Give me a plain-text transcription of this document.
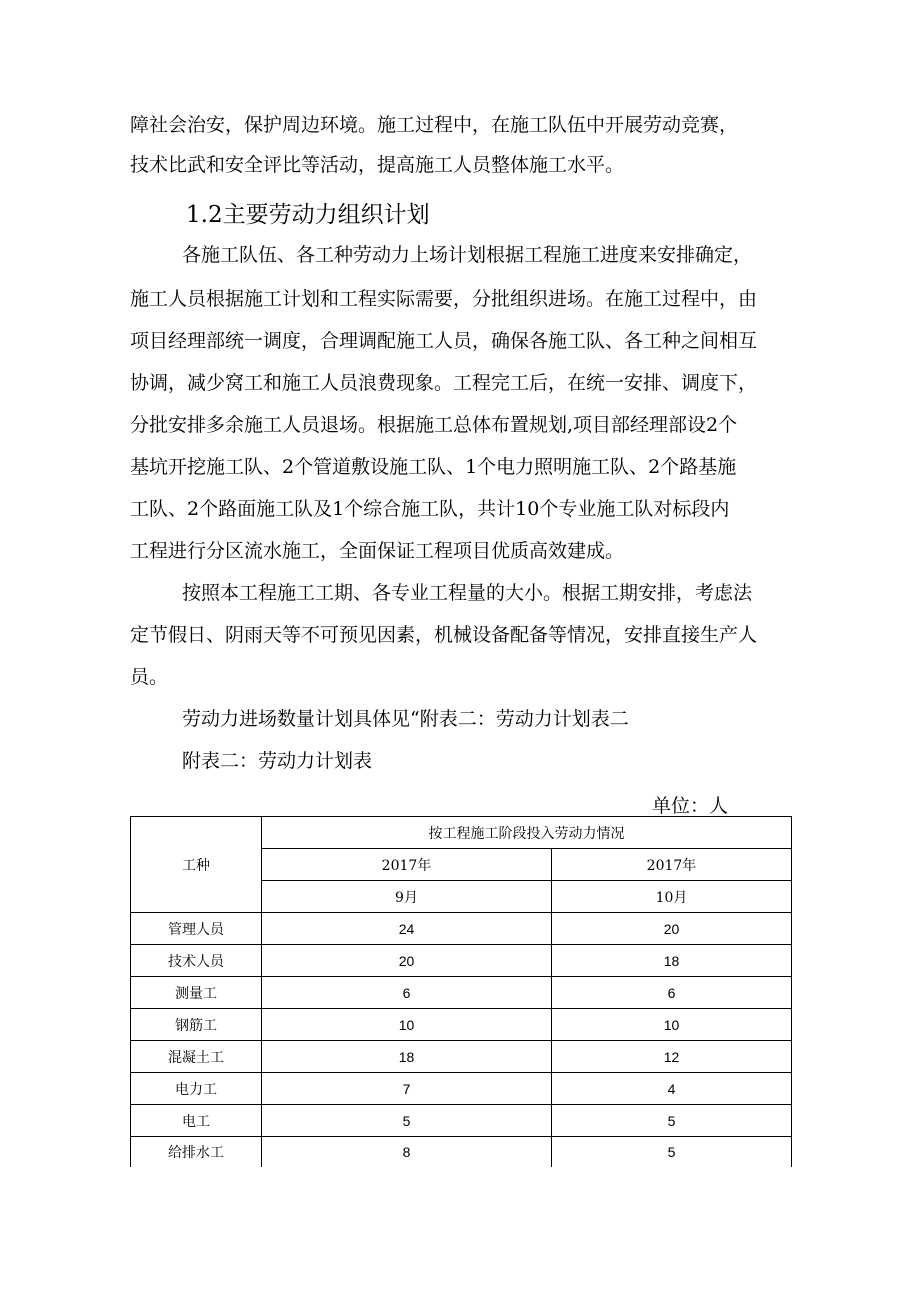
障社会治安，保护周边环境。施工过程中，在施工队伍中开展劳动竞赛，
技术比武和安全评比等活动，提高施工人员整体施工水平。
1.2主要劳动力组织计划
各施工队伍、各工种劳动力上场计划根据工程施工进度来安排确定，
施工人员根据施工计划和工程实际需要，分批组织进场。在施工过程中，由
项目经理部统一调度，合理调配施工人员，确保各施工队、各工种之间相互
协调，减少窝工和施工人员浪费现象。工程完工后，在统一安排、调度下，
分批安排多余施工人员退场。根据施工总体布置规划,项目部经理部设2个
基坑开挖施工队、2个管道敷设施工队、1个电力照明施工队、2个路基施
工队、2个路面施工队及1个综合施工队，共计10个专业施工队对标段内
工程进行分区流水施工，全面保证工程项目优质高效建成。
按照本工程施工工期、各专业工程量的大小。根据工期安排，考虑法
定节假日、阴雨天等不可预见因素，机械设备配备等情况，安排直接生产人
员。
劳动力进场数量计划具体见“附表二：劳动力计划表二
附表二：劳动力计划表
单位：人
工种	按工程施工阶段投入劳动力情况	
	2017年	2017年
	9月	10月
管理人员	24	20
技术人员	20	18
测量工	6	6
钢筋工	10	10
混凝土工	18	12
电力工	7	4
电工	5	5
给排水工	8	5
